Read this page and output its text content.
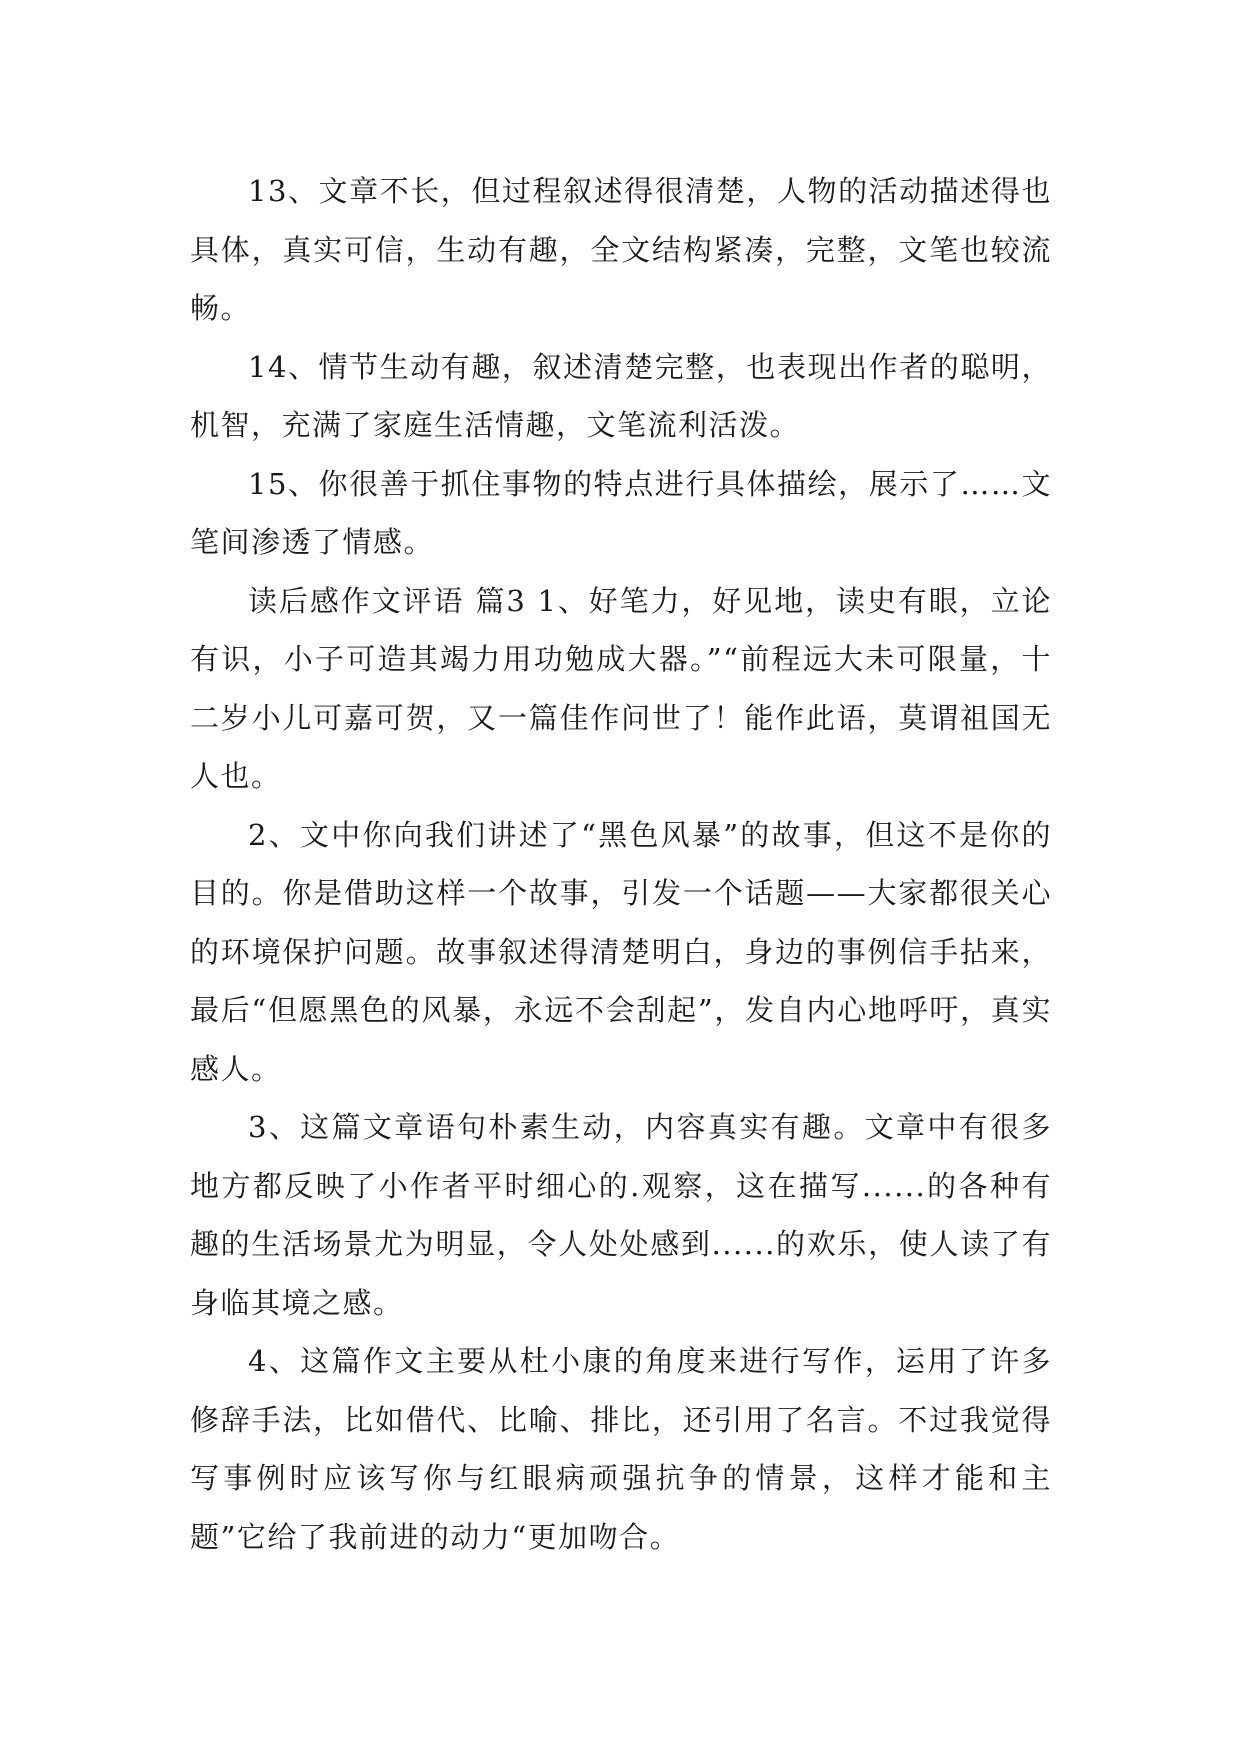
13、文章不长，但过程叙述得很清楚，人物的活动描述得也具体，真实可信，生动有趣，全文结构紧凑，完整，文笔也较流畅。

14、情节生动有趣，叙述清楚完整，也表现出作者的聪明，机智，充满了家庭生活情趣，文笔流利活泼。

15、你很善于抓住事物的特点进行具体描绘，展示了……文笔间渗透了情感。

读后感作文评语 篇3 1、好笔力，好见地，读史有眼，立论有识，小子可造其竭力用功勉成大器。”“前程远大未可限量，十二岁小儿可嘉可贺，又一篇佳作问世了！能作此语，莫谓祖国无人也。

2、文中你向我们讲述了“黑色风暴”的故事，但这不是你的目的。你是借助这样一个故事，引发一个话题——大家都很关心的环境保护问题。故事叙述得清楚明白，身边的事例信手拈来，最后“但愿黑色的风暴，永远不会刮起”，发自内心地呼吁，真实感人。

3、这篇文章语句朴素生动，内容真实有趣。文章中有很多地方都反映了小作者平时细心的.观察，这在描写......的各种有趣的生活场景尤为明显，令人处处感到......的欢乐，使人读了有身临其境之感。

4、这篇作文主要从杜小康的角度来进行写作，运用了许多修辞手法，比如借代、比喻、排比，还引用了名言。不过我觉得写事例时应该写你与红眼病顽强抗争的情景，这样才能和主题”它给了我前进的动力“更加吻合。
